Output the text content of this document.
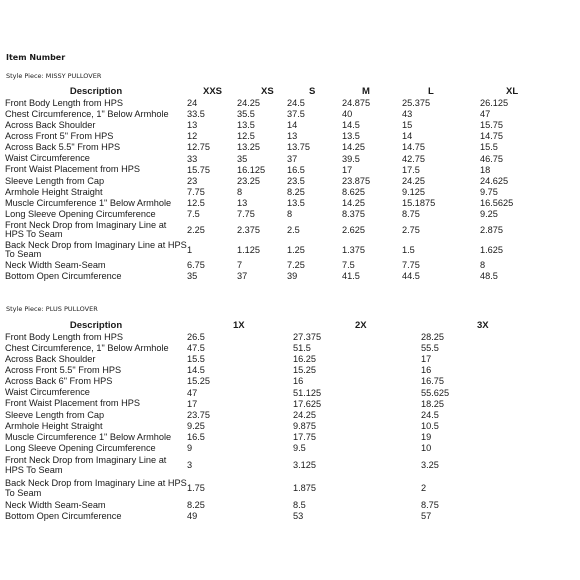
Item Number
Style Piece: MISSY PULLOVER
Description	XXS	XS	S	M	L	XL
Front Body Length from HPS	24	24.25	24.5	24.875	25.375	26.125
Chest Circumference, 1" Below Armhole	33.5	35.5	37.5	40	43	47
Across Back Shoulder	13	13.5	14	14.5	15	15.75
Across Front 5" From HPS	12	12.5	13	13.5	14	14.75
Across Back 5.5" From HPS	12.75	13.25	13.75	14.25	14.75	15.5
Waist Circumference	33	35	37	39.5	42.75	46.75
Front Waist Placement from HPS	15.75	16.125	16.5	17	17.5	18
Sleeve Length from Cap	23	23.25	23.5	23.875	24.25	24.625
Armhole Height Straight	7.75	8	8.25	8.625	9.125	9.75
Muscle Circumference 1" Below Armhole	12.5	13	13.5	14.25	15.1875	16.5625
Long Sleeve Opening Circumference	7.5	7.75	8	8.375	8.75	9.25
Front Neck Drop from Imaginary Line at HPS To Seam	2.25	2.375	2.5	2.625	2.75	2.875
Back Neck Drop from Imaginary Line at HPS To Seam	1	1.125	1.25	1.375	1.5	1.625
Neck Width Seam-Seam	6.75	7	7.25	7.5	7.75	8
Bottom Open Circumference	35	37	39	41.5	44.5	48.5
Style Piece: PLUS PULLOVER
Description	1X	2X	3X
Front Body Length from HPS	26.5	27.375	28.25
Chest Circumference, 1" Below Armhole	47.5	51.5	55.5
Across Back Shoulder	15.5	16.25	17
Across Front 5.5" From HPS	14.5	15.25	16
Across Back 6" From HPS	15.25	16	16.75
Waist Circumference	47	51.125	55.625
Front Waist Placement from HPS	17	17.625	18.25
Sleeve Length from Cap	23.75	24.25	24.5
Armhole Height Straight	9.25	9.875	10.5
Muscle Circumference 1" Below Armhole	16.5	17.75	19
Long Sleeve Opening Circumference	9	9.5	10
Front Neck Drop from Imaginary Line at HPS To Seam	3	3.125	3.25
Back Neck Drop from Imaginary Line at HPS To Seam	1.75	1.875	2
Neck Width Seam-Seam	8.25	8.5	8.75
Bottom Open Circumference	49	53	57
